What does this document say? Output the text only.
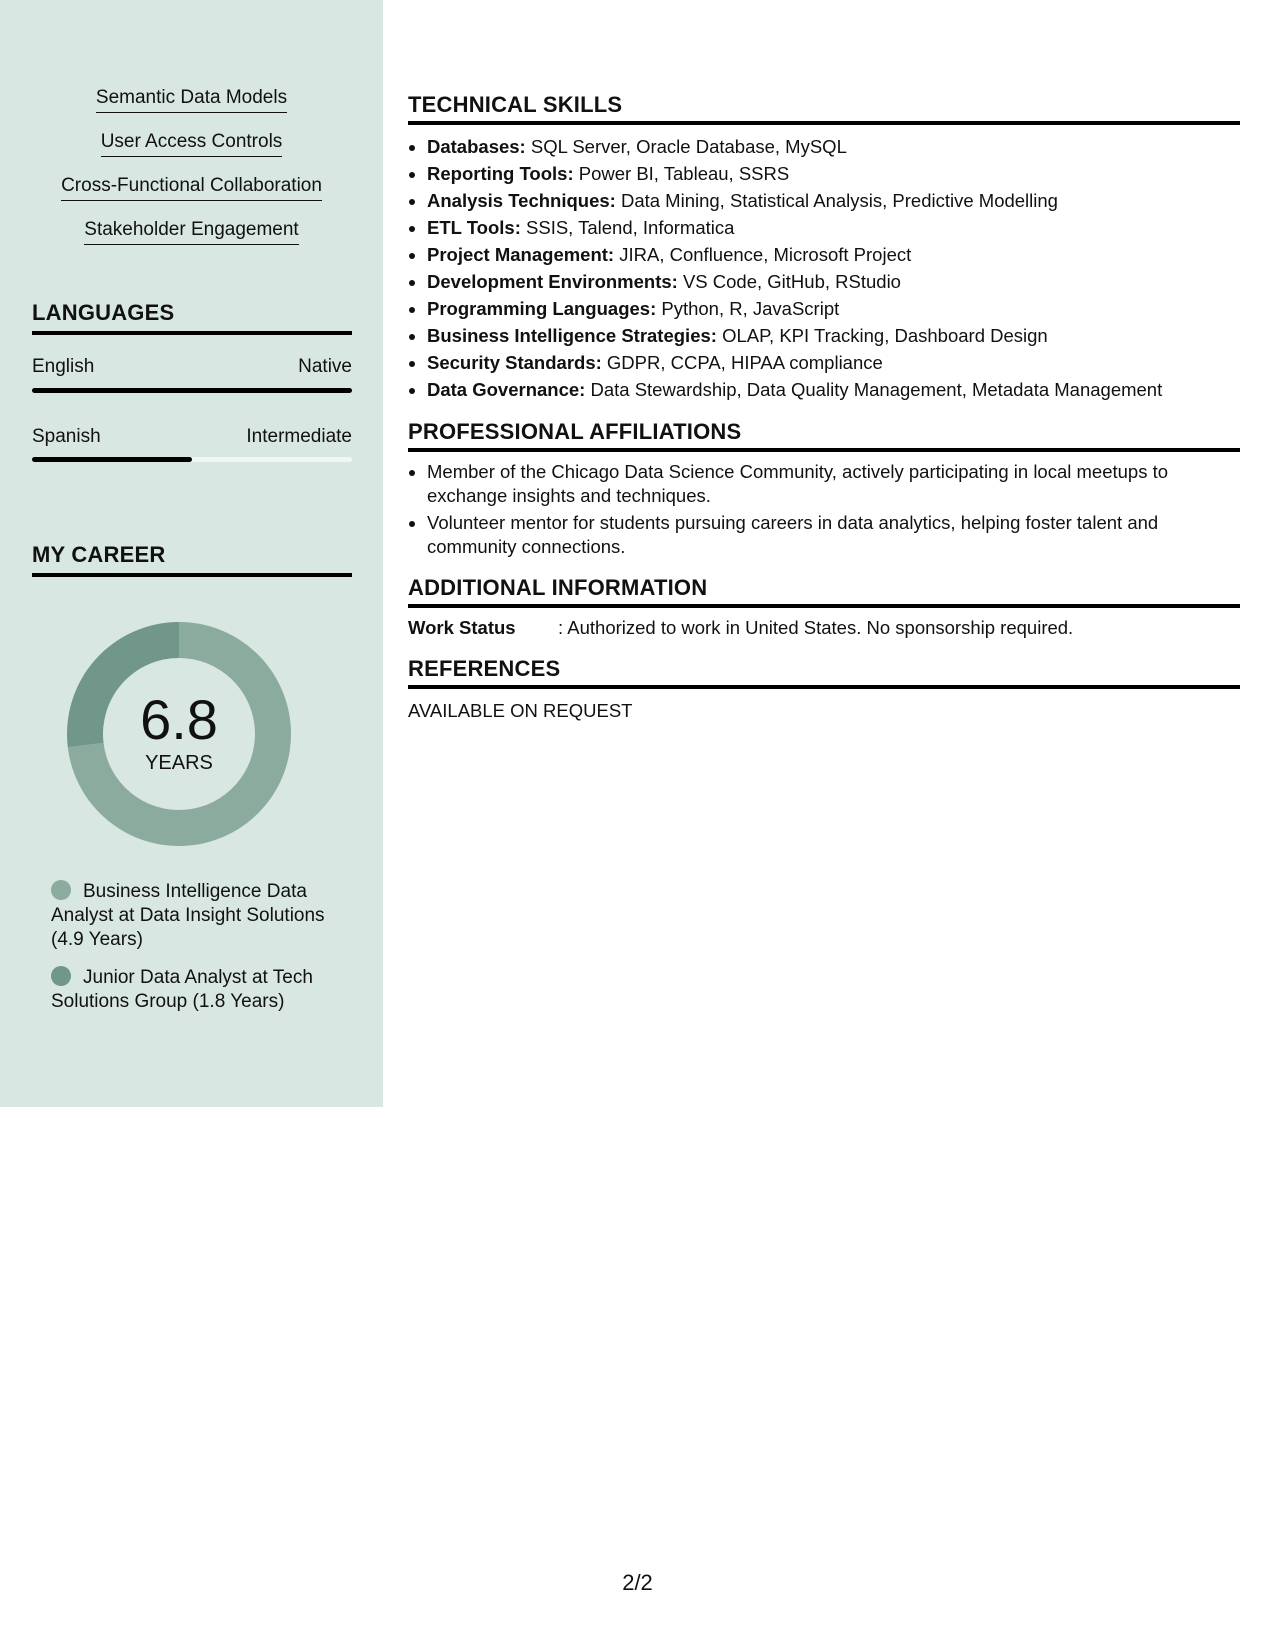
Semantic Data Models
User Access Controls
Cross-Functional Collaboration
Stakeholder Engagement
LANGUAGES
English	Native
Spanish	Intermediate
MY CAREER
6.8
YEARS
Business Intelligence Data Analyst at Data Insight Solutions (4.9 Years)
Junior Data Analyst at Tech Solutions Group (1.8 Years)
TECHNICAL SKILLS
• Databases: SQL Server, Oracle Database, MySQL
• Reporting Tools: Power BI, Tableau, SSRS
• Analysis Techniques: Data Mining, Statistical Analysis, Predictive Modelling
• ETL Tools: SSIS, Talend, Informatica
• Project Management: JIRA, Confluence, Microsoft Project
• Development Environments: VS Code, GitHub, RStudio
• Programming Languages: Python, R, JavaScript
• Business Intelligence Strategies: OLAP, KPI Tracking, Dashboard Design
• Security Standards: GDPR, CCPA, HIPAA compliance
• Data Governance: Data Stewardship, Data Quality Management, Metadata Management
PROFESSIONAL AFFILIATIONS
• Member of the Chicago Data Science Community, actively participating in local meetups to exchange insights and techniques.
• Volunteer mentor for students pursuing careers in data analytics, helping foster talent and community connections.
ADDITIONAL INFORMATION
Work Status : Authorized to work in United States. No sponsorship required.
REFERENCES
AVAILABLE ON REQUEST
2/2
